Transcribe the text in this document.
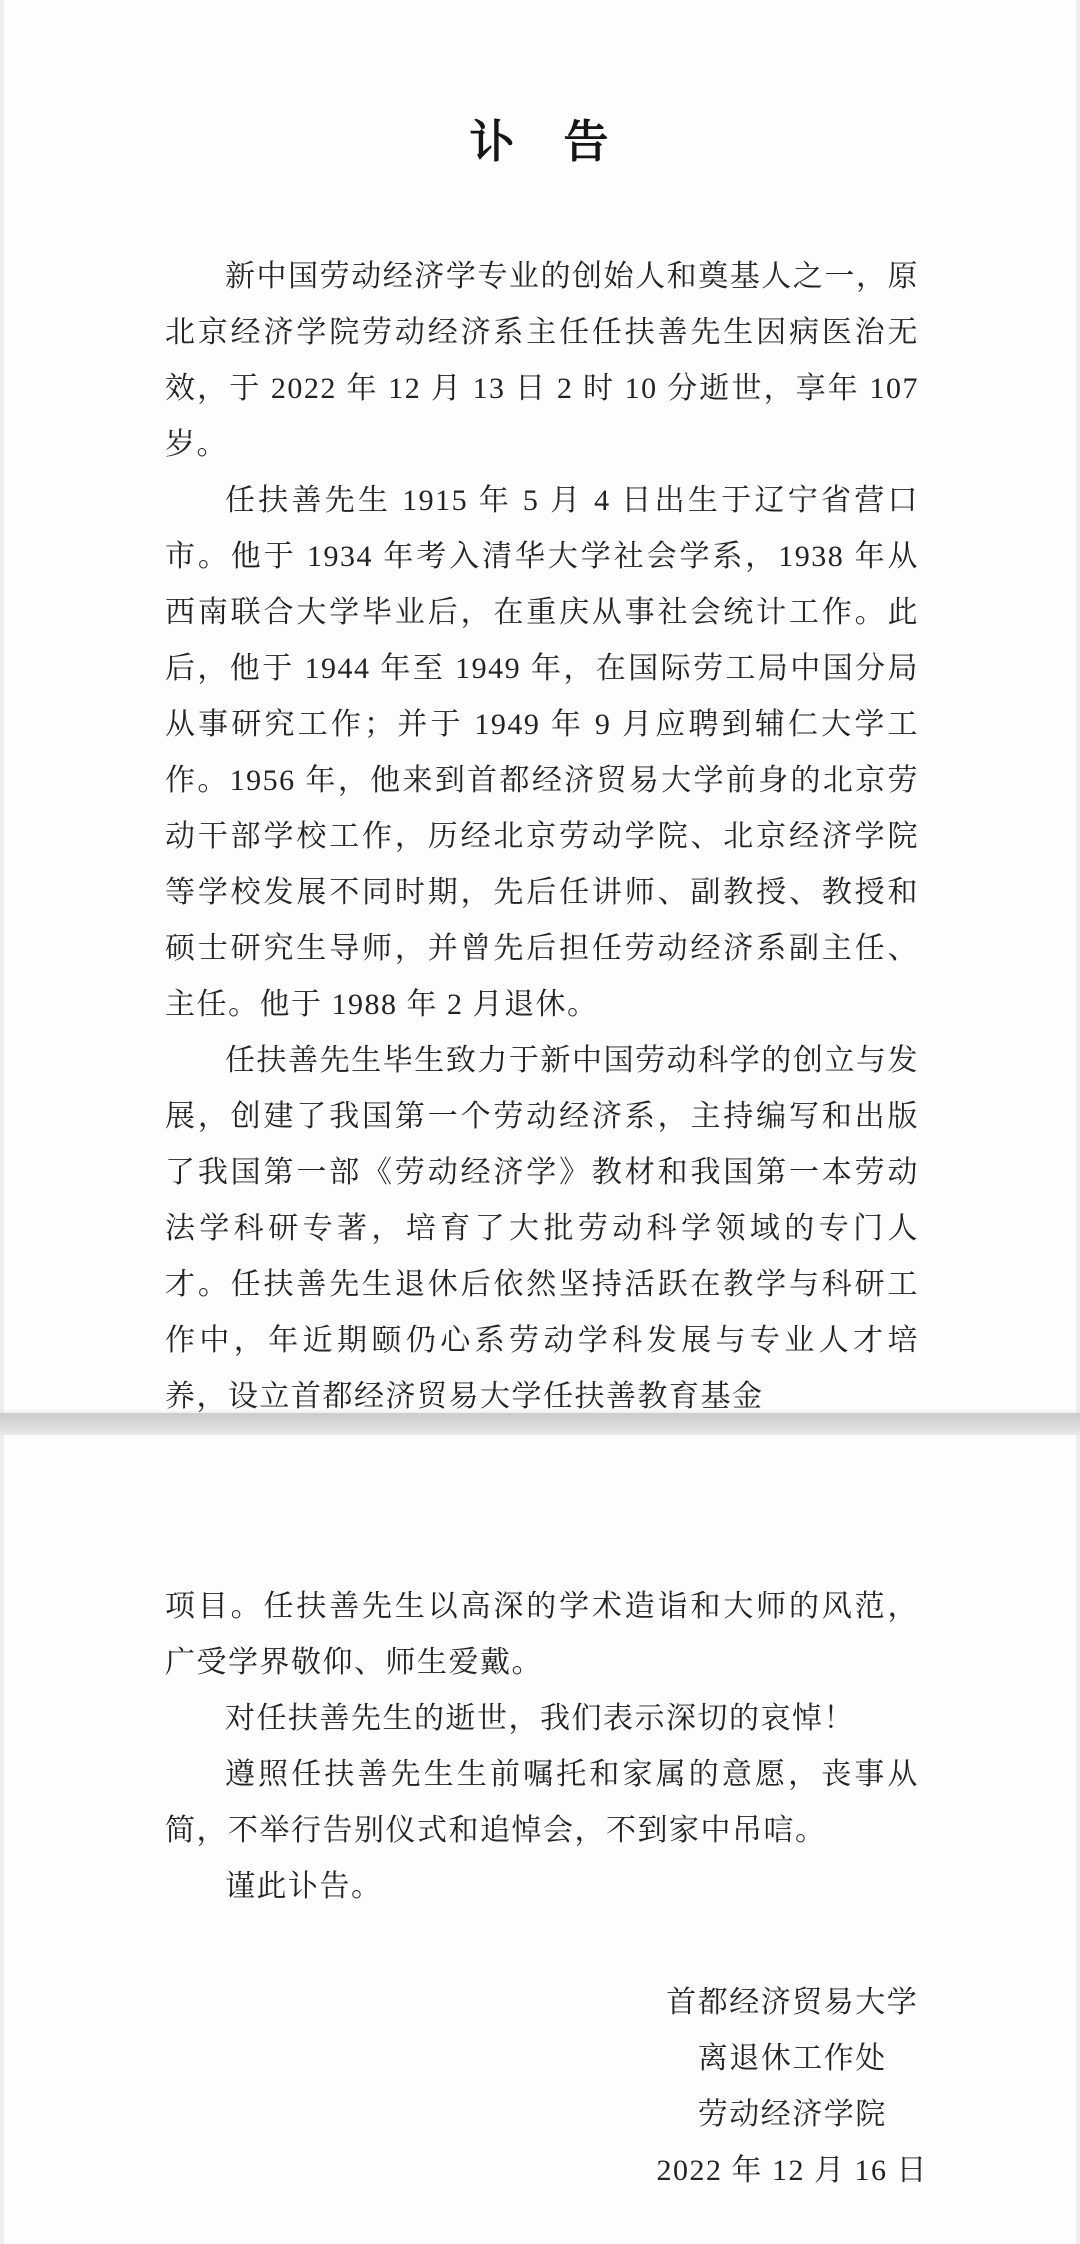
讣　告

新中国劳动经济学专业的创始人和奠基人之一，原北京经济学院劳动经济系主任任扶善先生因病医治无效，于 2022 年 12 月 13 日 2 时 10 分逝世，享年 107 岁。

任扶善先生 1915 年 5 月 4 日出生于辽宁省营口市。他于 1934 年考入清华大学社会学系，1938 年从西南联合大学毕业后，在重庆从事社会统计工作。此后，他于 1944 年至 1949 年，在国际劳工局中国分局从事研究工作；并于 1949 年 9 月应聘到辅仁大学工作。1956 年，他来到首都经济贸易大学前身的北京劳动干部学校工作，历经北京劳动学院、北京经济学院等学校发展不同时期，先后任讲师、副教授、教授和硕士研究生导师，并曾先后担任劳动经济系副主任、主任。他于 1988 年 2 月退休。

任扶善先生毕生致力于新中国劳动科学的创立与发展，创建了我国第一个劳动经济系，主持编写和出版了我国第一部《劳动经济学》教材和我国第一本劳动法学科研专著，培育了大批劳动科学领域的专门人才。任扶善先生退休后依然坚持活跃在教学与科研工作中，年近期颐仍心系劳动学科发展与专业人才培养，设立首都经济贸易大学任扶善教育基金

项目。任扶善先生以高深的学术造诣和大师的风范，广受学界敬仰、师生爱戴。

对任扶善先生的逝世，我们表示深切的哀悼！

遵照任扶善先生生前嘱托和家属的意愿，丧事从简，不举行告别仪式和追悼会，不到家中吊唁。

谨此讣告。

首都经济贸易大学
离退休工作处
劳动经济学院
2022 年 12 月 16 日
